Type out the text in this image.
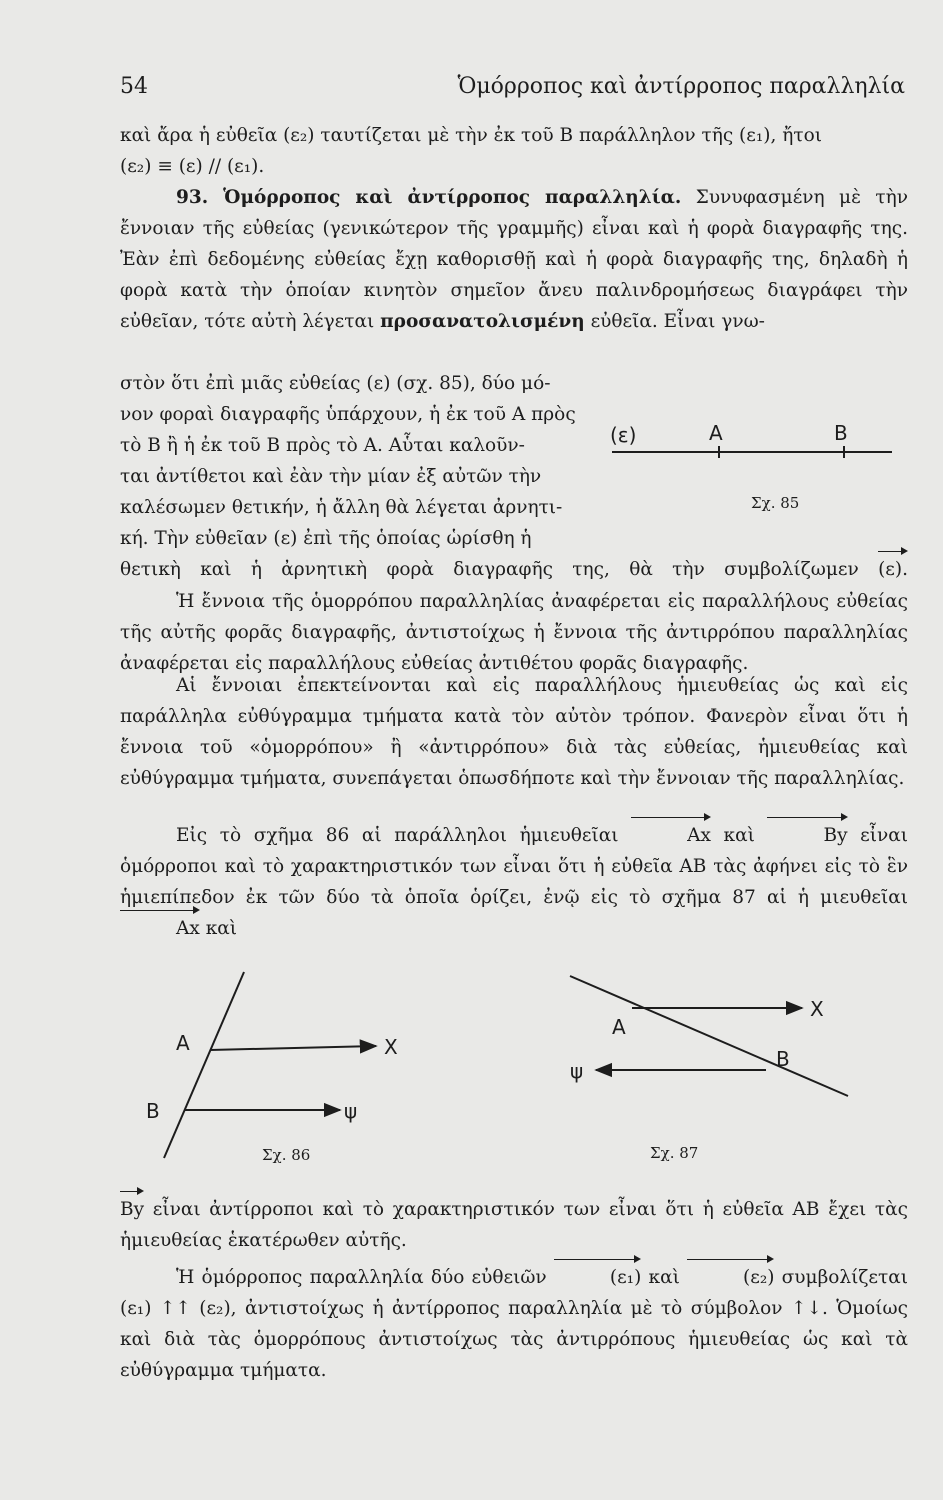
54	Ὁμόρροπος καὶ ἀντίρροπος παραλληλία

καὶ ἄρα ἡ εὐθεῖα (ε₂) ταυτίζεται μὲ τὴν ἐκ τοῦ Β παράλληλον τῆς (ε₁), ἤτοι
(ε₂) ≡ (ε) // (ε₁).

93. Ὁμόρροπος καὶ ἀντίρροπος παραλληλία. Συνυφασμένη μὲ τὴν ἔννοιαν τῆς εὐθείας (γενικώτερον τῆς γραμμῆς) εἶναι καὶ ἡ φορὰ διαγραφῆς της. Ἐὰν ἐπὶ δεδομένης εὐθείας ἔχῃ καθορισθῇ καὶ ἡ φορὰ διαγραφῆς της, δηλαδὴ ἡ φορὰ κατὰ τὴν ὁποίαν κινητὸν σημεῖον ἄνευ παλινδρομήσεως διαγράφει τὴν εὐθεῖαν, τότε αὐτὴ λέγεται προσανατολισμένη εὐθεῖα. Εἶναι γνω-

στὸν ὅτι ἐπὶ μιᾶς εὐθείας (ε) (σχ. 85), δύο μό-
νον φοραὶ διαγραφῆς ὑπάρχουν, ἡ ἐκ τοῦ Α πρὸς
τὸ Β ἢ ἡ ἐκ τοῦ Β πρὸς τὸ Α. Αὗται καλοῦν-
ται ἀντίθετοι καὶ ἐὰν τὴν μίαν ἐξ αὐτῶν τὴν
καλέσωμεν θετικήν, ἡ ἄλλη θὰ λέγεται ἀρνητι-
κή. Τὴν εὐθεῖαν (ε) ἐπὶ τῆς ὁποίας ὡρίσθη ἡ
θετικὴ καὶ ἡ ἀρνητικὴ φορὰ διαγραφῆς της, θὰ τὴν συμβολίζωμεν (ε).
(ε)	A	B
Σχ. 85

Ἡ ἔννοια τῆς ὁμορρόπου παραλληλίας ἀναφέρεται εἰς παραλλήλους εὐθείας τῆς αὐτῆς φορᾶς διαγραφῆς, ἀντιστοίχως ἡ ἔννοια τῆς ἀντιρρόπου παραλληλίας ἀναφέρεται εἰς παραλλήλους εὐθείας ἀντιθέτου φορᾶς διαγραφῆς.

Αἱ ἔννοιαι ἐπεκτείνονται καὶ εἰς παραλλήλους ἡμιευθείας ὡς καὶ εἰς παράλληλα εὐθύγραμμα τμήματα κατὰ τὸν αὐτὸν τρόπον. Φανερὸν εἶναι ὅτι ἡ ἔννοια τοῦ «ὁμορρόπου» ἢ «ἀντιρρόπου» διὰ τὰς εὐθείας, ἡμιευθείας καὶ εὐθύγραμμα τμήματα, συνεπάγεται ὁπωσδήποτε καὶ τὴν ἔννοιαν τῆς παραλληλίας.

Εἰς τὸ σχῆμα 86 αἱ παράλληλοι ἡμιευθεῖαι	Ax καὶ	By εἶναι ὁμόρροποι καὶ τὸ χαρακτηριστικόν των εἶναι ὅτι ἡ εὐθεῖα ΑΒ τὰς ἀφήνει εἰς τὸ ἓν ἡμιεπίπεδον ἐκ τῶν δύο τὰ ὁποῖα ὁρίζει, ἐνῷ εἰς τὸ σχῆμα 87 αἱ ἡ μιευθεῖαι Ax καὶ

A
B
X
ψ
Σχ. 86
A
B
X
ψ
Σχ. 87

By εἶναι ἀντίρροποι καὶ τὸ χαρακτηριστικόν των εἶναι ὅτι ἡ εὐθεῖα ΑΒ ἔχει τὰς ἡμιευθείας ἑκατέρωθεν αὐτῆς.

Ἡ ὁμόρροπος παραλληλία δύο εὐθειῶν	(ε₁) καὶ	(ε₂) συμβολίζεται (ε₁) ↑↑ (ε₂), ἀντιστοίχως ἡ ἀντίρροπος παραλληλία μὲ τὸ σύμβολον ↑↓. Ὁμοίως καὶ διὰ τὰς ὁμορρόπους ἀντιστοίχως τὰς ἀντιρρόπους ἡμιευθείας ὡς καὶ τὰ εὐθύγραμμα τμήματα.
